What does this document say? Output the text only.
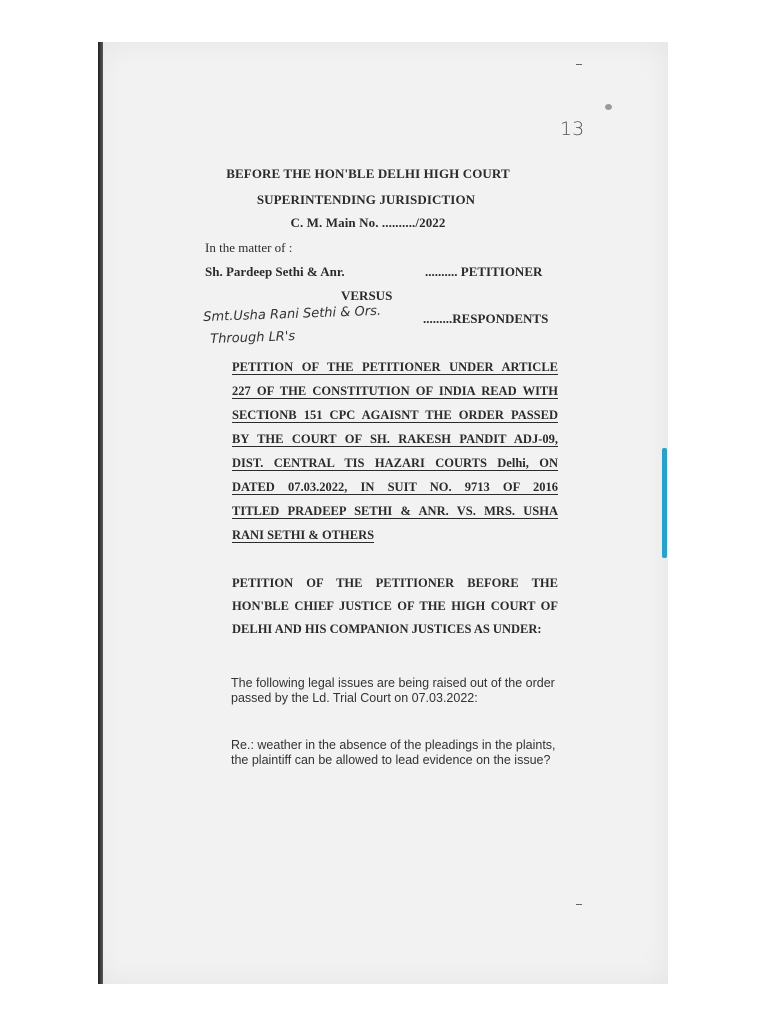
13
BEFORE THE HON'BLE DELHI HIGH COURT
SUPERINTENDING JURISDICTION
C. M. Main No. ........../2022
In the matter of :
Sh. Pardeep Sethi & Anr.	.......... PETITIONER
VERSUS
Smt.Usha Rani Sethi & Ors.
Through LR's
.........RESPONDENTS
PETITION OF THE PETITIONER UNDER ARTICLE
227 OF THE CONSTITUTION OF INDIA READ WITH
SECTIONB 151 CPC AGAISNT THE ORDER PASSED
BY THE COURT OF SH. RAKESH PANDIT ADJ-09,
DIST. CENTRAL TIS HAZARI COURTS Delhi, ON
DATED 07.03.2022, IN SUIT NO. 9713 OF 2016
TITLED PRADEEP SETHI & ANR. VS. MRS. USHA
RANI SETHI & OTHERS
PETITION OF THE PETITIONER BEFORE THE
HON'BLE CHIEF JUSTICE OF THE HIGH COURT OF
DELHI AND HIS COMPANION JUSTICES AS UNDER:
The following legal issues are being raised out of the order passed by the Ld. Trial Court on 07.03.2022:
Re.: weather in the absence of the pleadings in the plaints, the plaintiff can be allowed to lead evidence on the issue?
